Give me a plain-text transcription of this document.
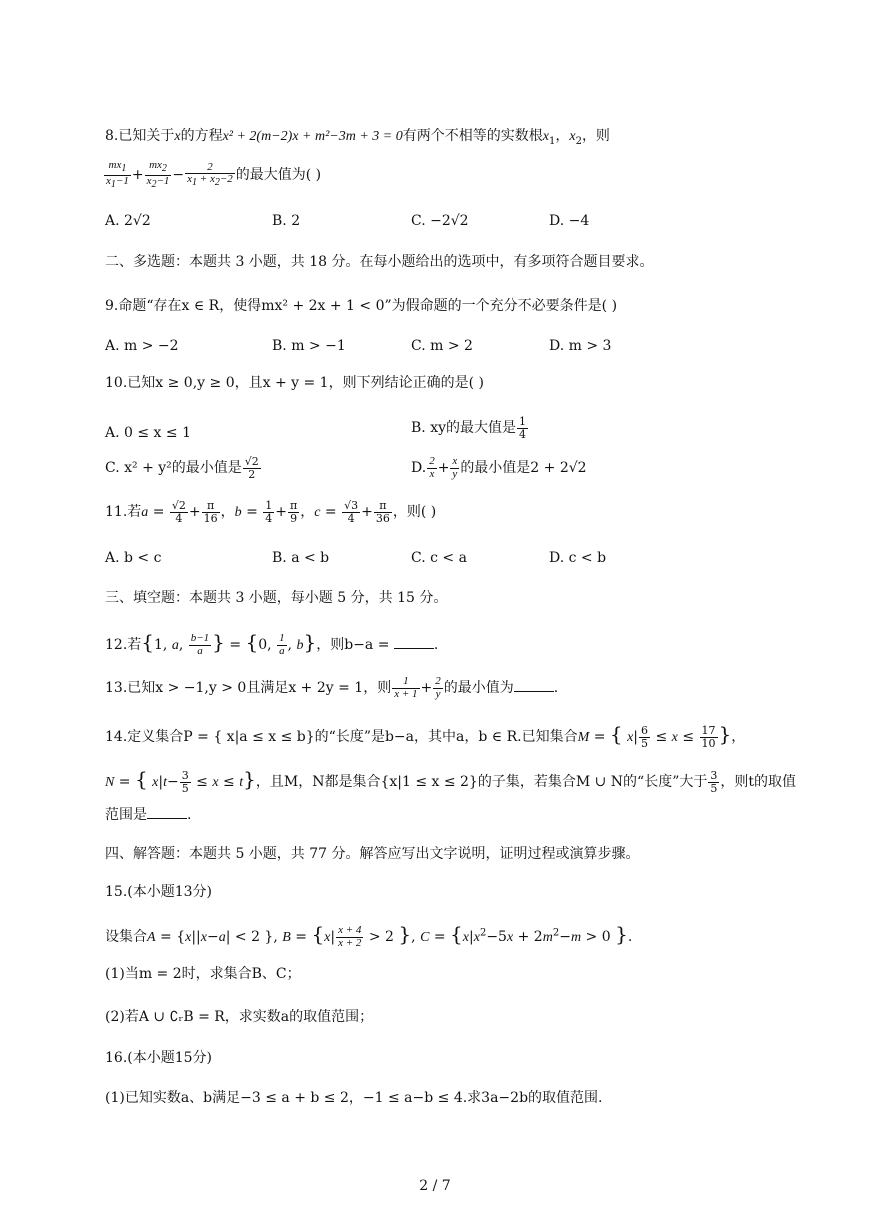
8.已知关于x的方程x² + 2(m−2)x + m²−3m + 3 = 0有两个不相等的实数根$x_1$，$x_2$，则
$\frac{mx_1}{x_1-1} + \frac{mx_2}{x_2-1} - \frac{2}{x_1 + x_2-2}$ 的最大值为( )
A. 2√2	B. 2	C. −2√2	D. −4
二、多选题：本题共 3 小题，共 18 分。在每小题给出的选项中，有多项符合题目要求。
9.命题“存在x ∈ R，使得mx² + 2x + 1 < 0”为假命题的一个充分不必要条件是( )
A. m > −2	B. m > −1	C. m > 2	D. m > 3
10.已知x ≥ 0,y ≥ 0，且x + y = 1，则下列结论正确的是( )
A. 0 ≤ x ≤ 1	B. xy的最大值是 $\frac{1}{4}$
C. x² + y²的最小值是 $\frac{√2}{2}$	D. $\frac{2}{x} + \frac{x}{y}$ 的最小值是2 + 2√2
11.若$a = \frac{√2}{4} + \frac{\pi}{16}$ ，$b = \frac{1}{4} + \frac{\pi}{9}$ ，$c = \frac{√3}{4} + \frac{\pi}{36}$ ，则( )
A. b < c	B. a < b	C. c < a	D. c < b
三、填空题：本题共 3 小题，每小题 5 分，共 15 分。
12.若{1, a, $\frac{b-1}{a}$ } = {0, $\frac{1}{a}$ , b}，则b−a =	.
13.已知x > −1,y > 0且满足x + 2y = 1，则 $\frac{1}{x + 1} + \frac{2}{y}$ 的最小值为	.
14.定义集合P = { x|a ≤ x ≤ b}的“长度”是b−a，其中a，b ∈ R.已知集合M = { $x| \frac{6}{5} \le x \le \frac{17}{10}$ }，
N = { $x|t- \frac{3}{5} \le x \le t$}，且M，N都是集合{x|1 ≤ x ≤ 2}的子集，若集合M ∪ N的“长度”大于 $\frac{3}{5}$ ，则t的取值
范围是	.
四、解答题：本题共 5 小题，共 77 分。解答应写出文字说明，证明过程或演算步骤。
15.(本小题13分)
设集合A = {x||x−a| < 2 }, $B = \{x| \frac{x + 4}{x + 2} > 2$ }, $C = \{x|x^2-5x + 2m^2-m > 0$ }.
(1)当m = 2时，求集合B、C；
(2)若A ∪ ∁ᵣB = R，求实数a的取值范围；
16.(本小题15分)
(1)已知实数a、b满足−3 ≤ a + b ≤ 2，−1 ≤ a−b ≤ 4.求3a−2b的取值范围.
2 / 7
